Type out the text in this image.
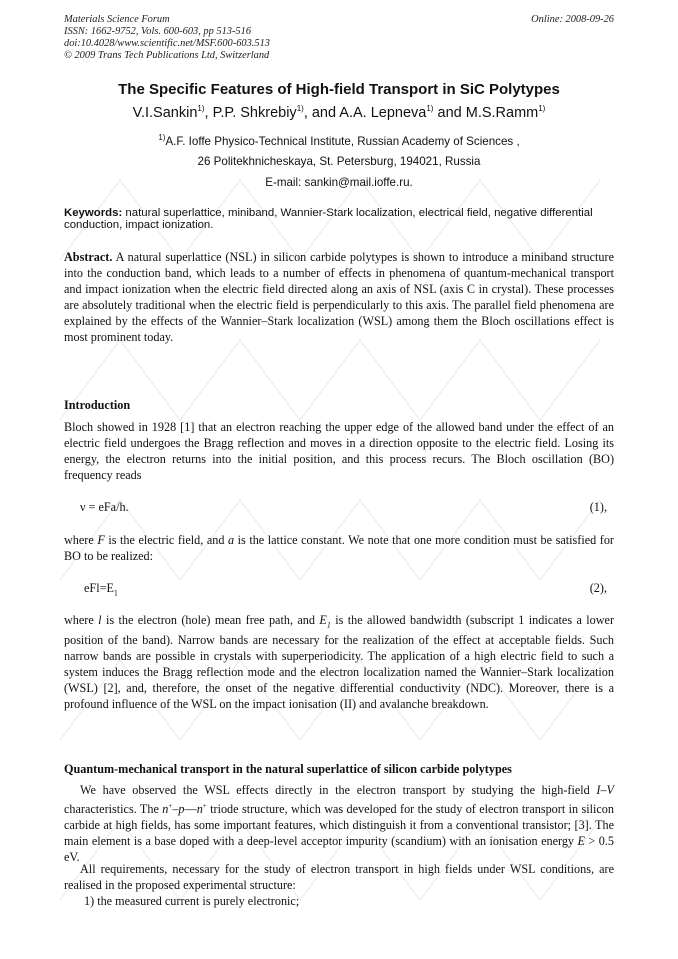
Materials Science Forum
ISSN: 1662-9752, Vols. 600-603, pp 513-516
doi:10.4028/www.scientific.net/MSF.600-603.513
© 2009 Trans Tech Publications Ltd, Switzerland
Online: 2008-09-26
The Specific Features of High-field Transport in SiC Polytypes
V.I.Sankin$^{1)}$, P.P. Shkrebiy$^{1)}$, and A.A. Lepneva$^{1)}$ and M.S.Ramm$^{1)}$
$^{1)}$A.F. Ioffe Physico-Technical Institute, Russian Academy of Sciences ,
26 Politekhnicheskaya, St. Petersburg, 194021, Russia
E-mail: sankin@mail.ioffe.ru.
Keywords: natural superlattice, miniband, Wannier-Stark localization, electrical field, negative differential conduction, impact ionization.
Abstract. A natural superlattice (NSL) in silicon carbide polytypes is shown to introduce a miniband structure into the conduction band, which leads to a number of effects in phenomena of quantum-mechanical transport and impact ionization when the electric field directed along an axis of NSL (axis C in crystal). These processes are absolutely traditional when the electric field is perpendicularly to this axis. The parallel field phenomena are explained by the effects of the Wannier–Stark localization (WSL) among them the Bloch oscillations effect is most prominent today.
Introduction
Bloch showed in 1928 [1] that an electron reaching the upper edge of the allowed band under the effect of an electric field undergoes the Bragg reflection and moves in a direction opposite to the electric field. Losing its energy, the electron returns into the initial position, and this process recurs. The Bloch oscillation (BO) frequency reads
ν = eFa/h.	(1),
where F is the electric field, and a is the lattice constant. We note that one more condition must be satisfied for BO to be realized:
$eFl=E_1$	(2),
where l is the electron (hole) mean free path, and $E_1$ is the allowed bandwidth (subscript 1 indicates a lower position of the band). Narrow bands are necessary for the realization of the effect at acceptable fields. Such narrow bands are possible in crystals with superperiodicity. The application of a high electric field to such a system induces the Bragg reflection mode and the electron localization named the Wannier–Stark localization (WSL) [2], and, therefore, the onset of the negative differential conductivity (NDC). Moreover, there is a profound influence of the WSL on the impact ionisation (II) and avalanche breakdown.
Quantum-mechanical transport in the natural superlattice of silicon carbide polytypes
We have observed the WSL effects directly in the electron transport by studying the high-field I–V characteristics. The n+–p—n+ triode structure, which was developed for the study of electron transport in silicon carbide at high fields, has some important features, which distinguish it from a conventional transistor; [3]. The main element is a base doped with a deep-level acceptor impurity (scandium) with an ionisation energy E > 0.5 eV.
All requirements, necessary for the study of electron transport in high fields under WSL conditions, are realised in the proposed experimental structure:
1) the measured current is purely electronic;
